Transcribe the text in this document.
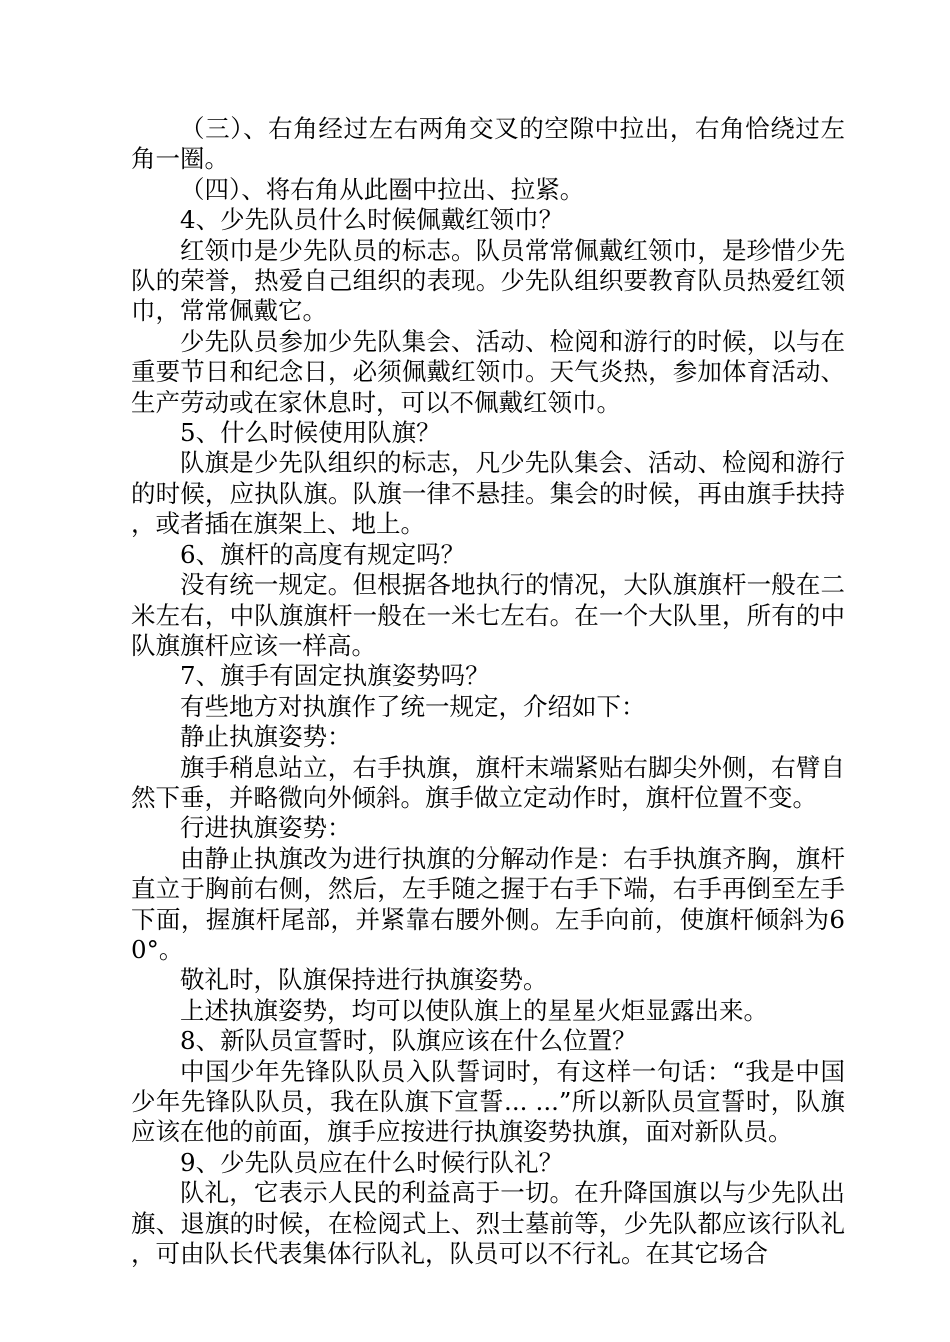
（三）、右角经过左右两角交叉的空隙中拉出，右角恰绕过左角一圈。

（四）、将右角从此圈中拉出、拉紧。

4、少先队员什么时候佩戴红领巾？

红领巾是少先队员的标志。队员常常佩戴红领巾，是珍惜少先队的荣誉，热爱自己组织的表现。少先队组织要教育队员热爱红领巾，常常佩戴它。

少先队员参加少先队集会、活动、检阅和游行的时候，以与在重要节日和纪念日，必须佩戴红领巾。天气炎热，参加体育活动、生产劳动或在家休息时，可以不佩戴红领巾。

5、什么时候使用队旗？

队旗是少先队组织的标志，凡少先队集会、活动、检阅和游行的时候，应执队旗。队旗一律不悬挂。集会的时候，再由旗手扶持，或者插在旗架上、地上。

6、旗杆的高度有规定吗？

没有统一规定。但根据各地执行的情况，大队旗旗杆一般在二米左右，中队旗旗杆一般在一米七左右。在一个大队里，所有的中队旗旗杆应该一样高。

7、旗手有固定执旗姿势吗？

有些地方对执旗作了统一规定，介绍如下：

静止执旗姿势：

旗手稍息站立，右手执旗，旗杆末端紧贴右脚尖外侧，右臂自然下垂，并略微向外倾斜。旗手做立定动作时，旗杆位置不变。

行进执旗姿势：

由静止执旗改为进行执旗的分解动作是：右手执旗齐胸，旗杆直立于胸前右侧，然后，左手随之握于右手下端，右手再倒至左手下面，握旗杆尾部，并紧靠右腰外侧。左手向前，使旗杆倾斜为60°。

敬礼时，队旗保持进行执旗姿势。

上述执旗姿势，均可以使队旗上的星星火炬显露出来。

8、新队员宣誓时，队旗应该在什么位置？

中国少年先锋队队员入队誓词时，有这样一句话：“我是中国少年先锋队队员，我在队旗下宣誓... ...”所以新队员宣誓时，队旗应该在他的前面，旗手应按进行执旗姿势执旗，面对新队员。

9、少先队员应在什么时候行队礼？

队礼，它表示人民的利益高于一切。在升降国旗以与少先队出旗、退旗的时候，在检阅式上、烈士墓前等，少先队都应该行队礼，可由队长代表集体行队礼，队员可以不行礼。在其它场合
